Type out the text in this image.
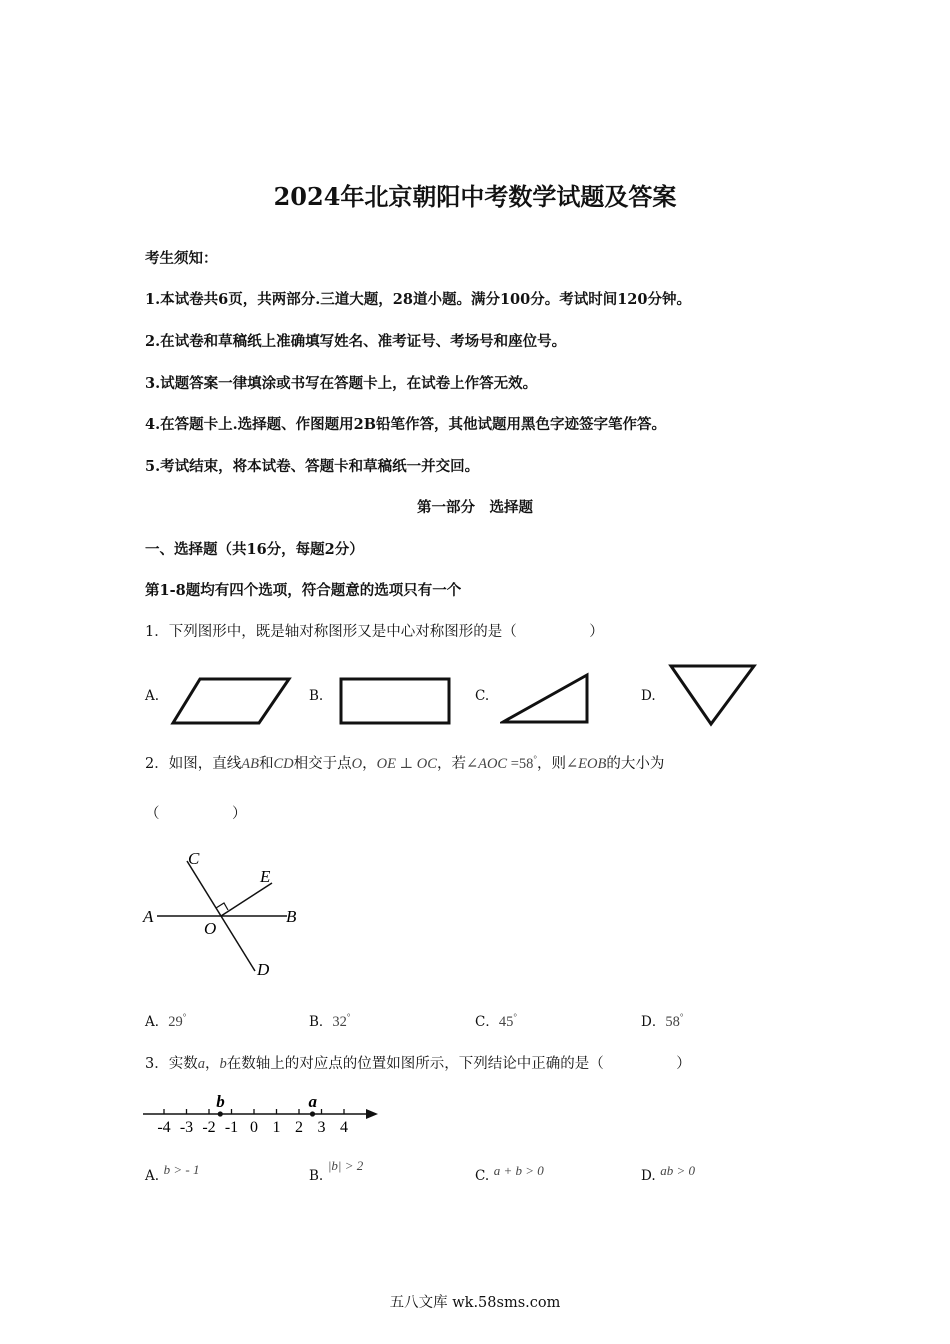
2024年北京朝阳中考数学试题及答案
考生须知：
1.本试卷共6页，共两部分.三道大题，28道小题。满分100分。考试时间120分钟。
2.在试卷和草稿纸上准确填写姓名、准考证号、考场号和座位号。
3.试题答案一律填涂或书写在答题卡上，在试卷上作答无效。
4.在答题卡上.选择题、作图题用2B铅笔作答，其他试题用黑色字迹签字笔作答。
5.考试结束，将本试卷、答题卡和草稿纸一并交回。
第一部分　选择题
一、选择题（共16分，每题2分）
第1-8题均有四个选项，符合题意的选项只有一个
1．下列图形中，既是轴对称图形又是中心对称图形的是（　　　　　）
A.	B.	C.	D.
2．如图，直线AB和CD相交于点O，OE ⊥ OC，若∠AOC =58°，则∠EOB的大小为
（　　　　　）
A	B
C
D
E
O
A．29°	B．32°	C．45°	D．58°
3．实数a，b在数轴上的对应点的位置如图所示，下列结论中正确的是（　　　　　）
-4 -3 -2 -1 0 1 2 3 4
b	a
A. b > - 1	B. |b| > 2
C. a + b > 0	D. ab > 0
五八文库 wk.58sms.com
